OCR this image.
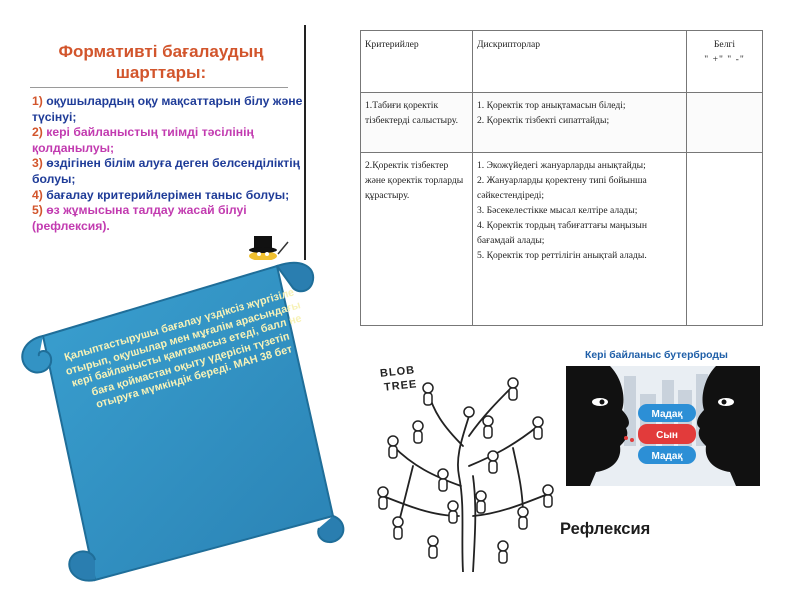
Формативті бағалаудың
шарттары:
1) оқушылардың оқу мақсаттарын білу және түсінуі;
2) кері байланыстың тиімді тәсілінің қолданылуы;
3) өздігінен білім алуға деген белсенділіктің болуы;
4) бағалау критерийлерімен таныс болуы;
5) өз жұмысына талдау жасай білуі (рефлексия).
Критерийлер	Дискрипторлар	Белгі
" +" " -"

1.Табиғи қоректік тізбектерді салыстыру.	1. Қоректік тор анықтамасын біледі;
2. Қоректік тізбекті сипаттайды;	

2.Қоректік тізбектер және қоректік торларды құрастыру.	1. Экожүйедегі жануарларды анықтайды;
2. Жануарларды қоректену типі бойынша сәйкестендіреді;
3. Бәсекелестікке мысал келтіре алады;
4. Қоректік тордың табиғаттағы маңызын бағамдай алады;
5. Қоректік тор реттілігін анықтай алады.	

Қалыптастырушы бағалау үздіксіз жүргізіле отырып, оқушылар мен мұғалім арасындағы кері байланысты қамтамасыз етеді, балл не баға қоймастан оқыту үдерісін түзетіп отыруға мүмкіндік береді. МАН 38 бет	BLOB
TREE
Кері байланыс бутерброды
Мадақ
Сын
Мадақ
Рефлексия
